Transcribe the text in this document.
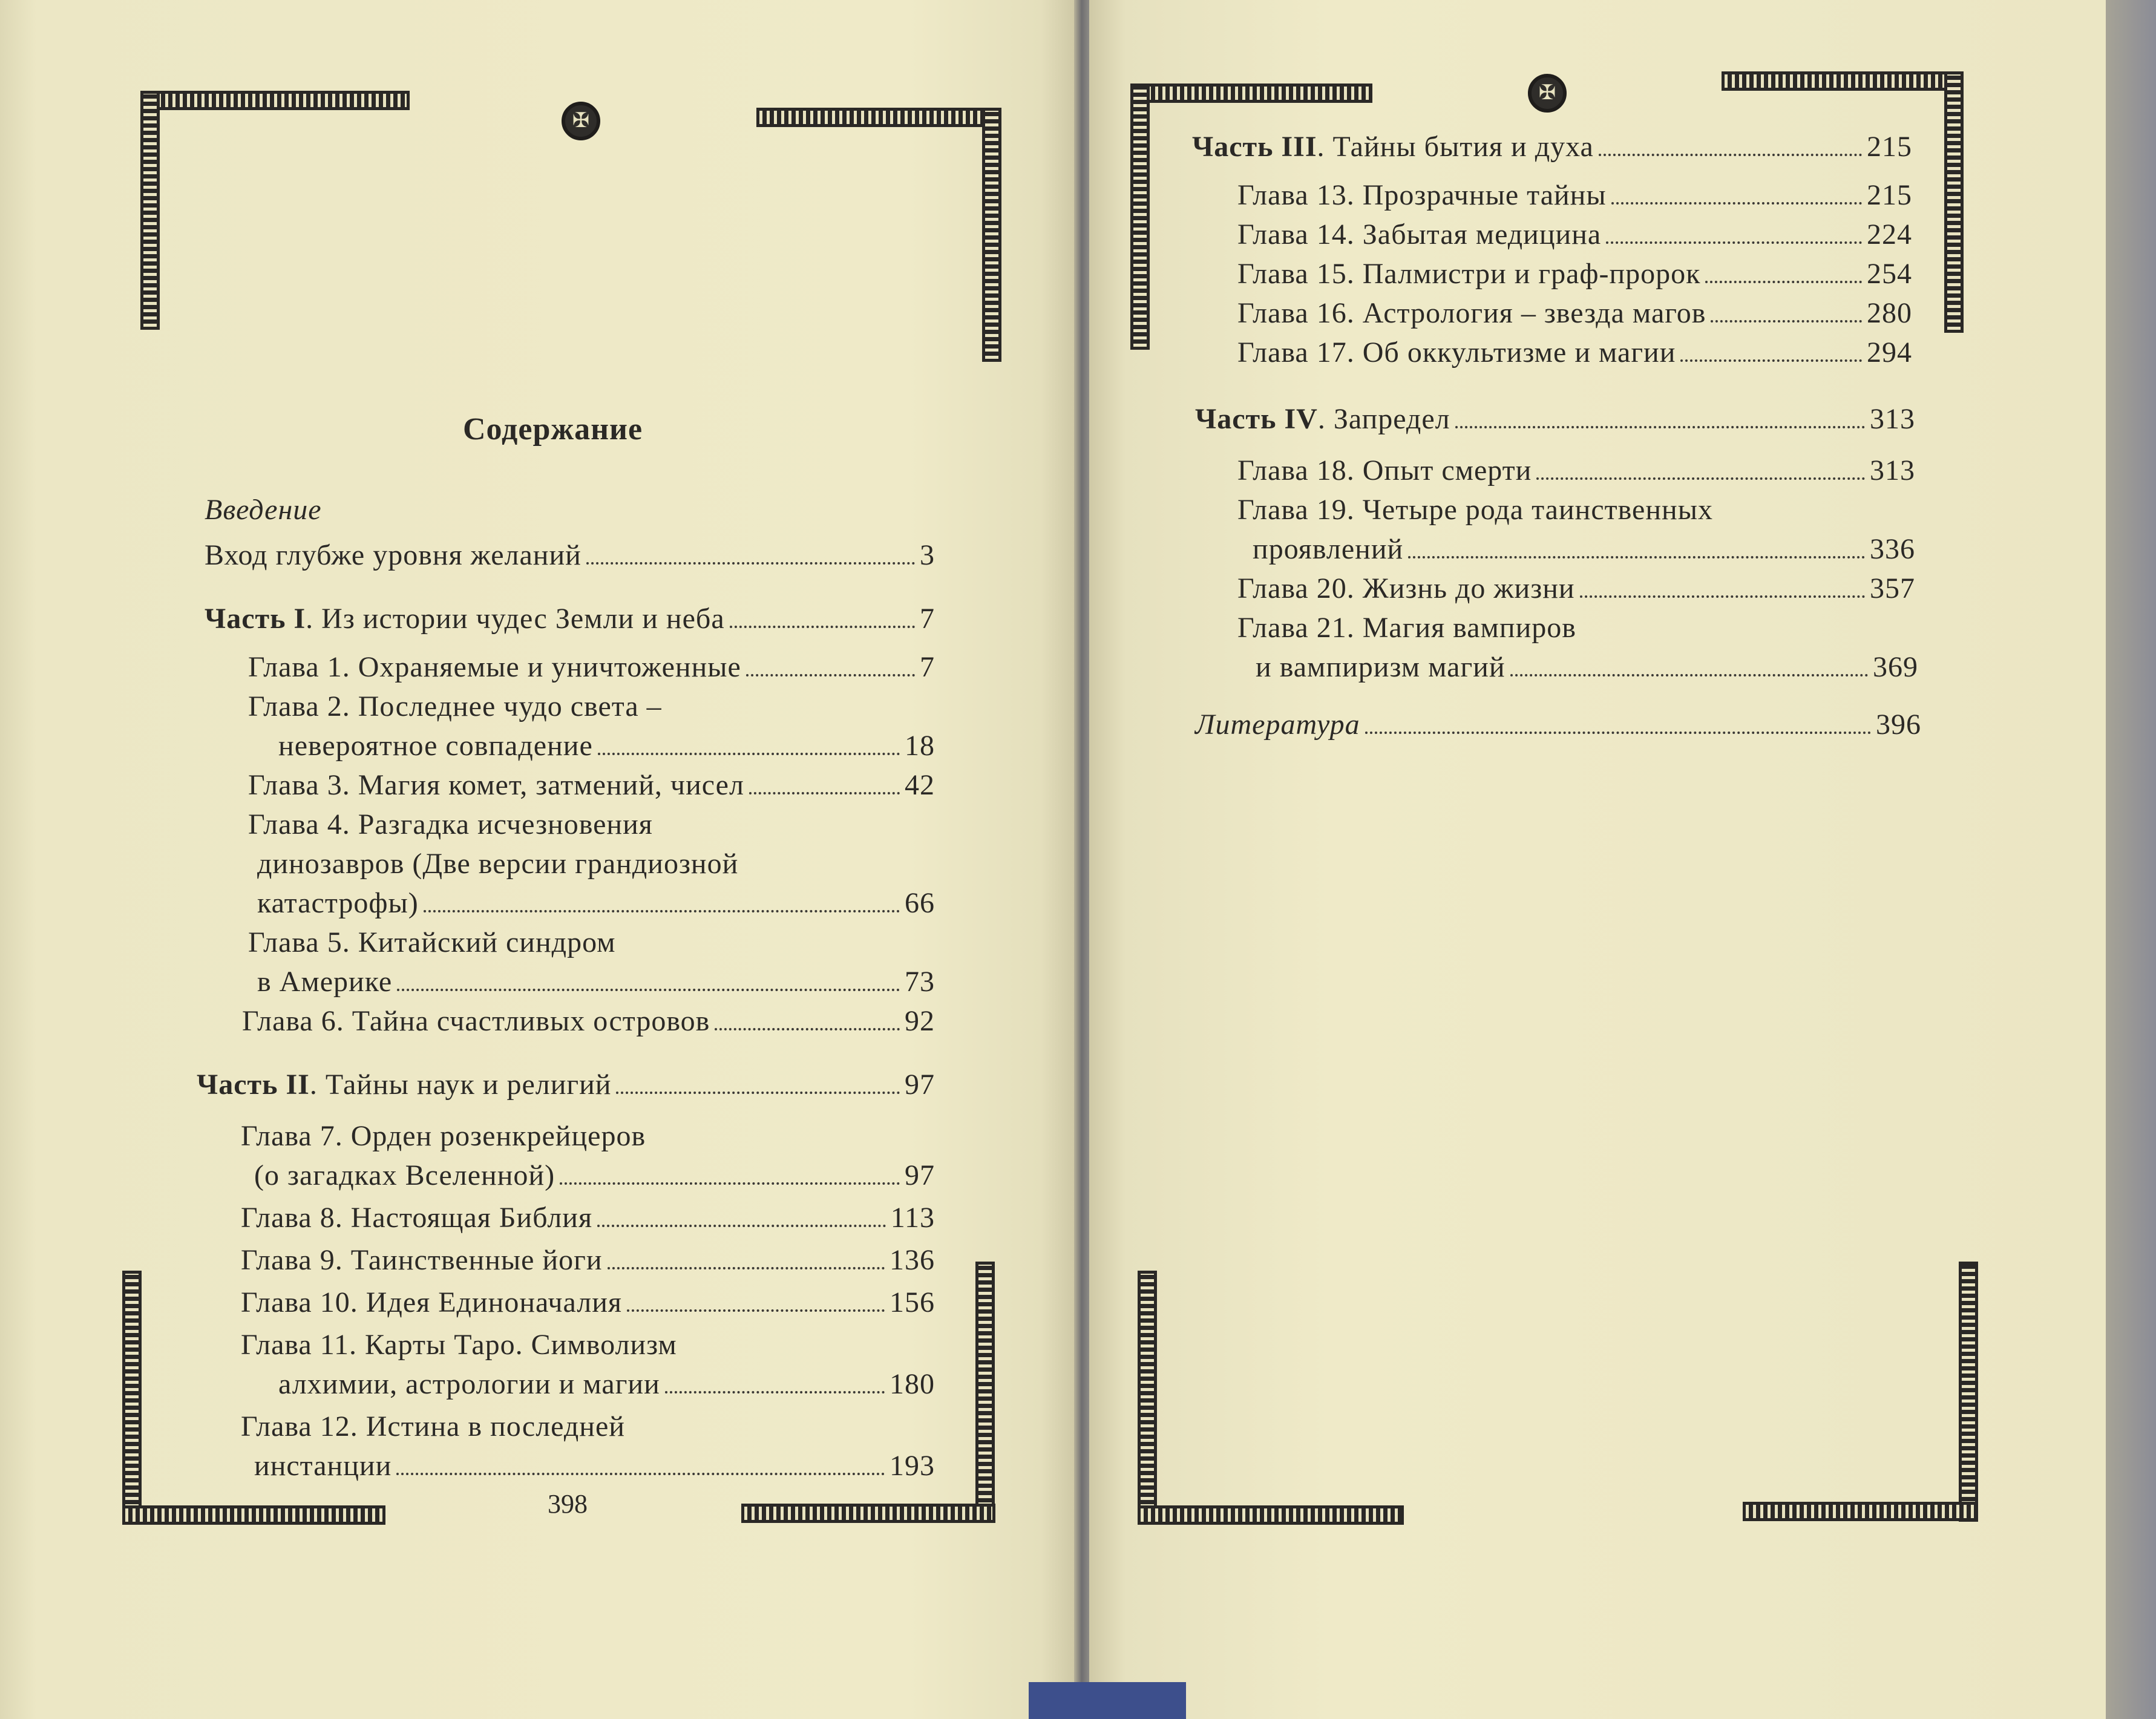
✠
✠
Содержание
Введение
Вход глубже уровня желаний	3
Часть I . Из истории чудес Земли и неба	7
Глава 1. Охраняемые и уничтоженные	7
Глава 2. Последнее чудо света –
невероятное совпадение	18
Глава 3. Магия комет, затмений, чисел	42
Глава 4. Разгадка исчезновения
динозавров (Две версии грандиозной
катастрофы)	66
Глава 5. Китайский синдром
в Америке	73
Глава 6. Тайна счастливых островов	92
Часть II . Тайны наук и религий	97
Глава 7. Орден розенкрейцеров
(о загадках Вселенной)	97
Глава 8. Настоящая Библия	113
Глава 9. Таинственные йоги	136
Глава 10. Идея Единоначалия	156
Глава 11. Карты Таро. Символизм
алхимии, астрологии и магии	180
Глава 12. Истина в последней
инстанции	193
398
Часть III . Тайны бытия и духа	215
Глава 13. Прозрачные тайны	215
Глава 14. Забытая медицина	224
Глава 15. Палмистри и граф-пророк	254
Глава 16. Астрология – звезда магов	280
Глава 17. Об оккультизме и магии	294
Часть IV . Запредел	313
Глава 18. Опыт смерти	313
Глава 19. Четыре рода таинственных
проявлений	336
Глава 20. Жизнь до жизни	357
Глава 21. Магия вампиров
и вампиризм магий	369
Литература	396
